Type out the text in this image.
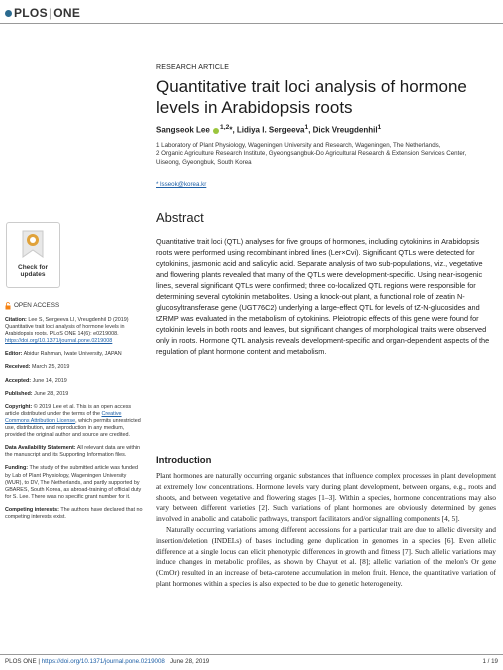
PLOS | ONE
RESEARCH ARTICLE
Quantitative trait loci analysis of hormone levels in Arabidopsis roots
Sangseok Lee $^{1,2}$*, Lidiya I. Sergeeva$^1$, Dick Vreugdenhil$^1$
1 Laboratory of Plant Physiology, Wageningen University and Research, Wageningen, The Netherlands,
2 Organic Agriculture Research Institute, Gyeongsangbuk-Do Agricultural Research & Extension Services Center, Uiseong, Gyeongbuk, South Korea
* lsseok@korea.kr
Abstract
Quantitative trait loci (QTL) analyses for five groups of hormones, including cytokinins in Arabidopsis roots were performed using recombinant inbred lines (Ler×Cvi). Significant QTLs were detected for cytokinins, jasmonic acid and salicylic acid. Separate analysis of two sub-populations, viz., vegetative and flowering plants revealed that many of the QTLs were development-specific. Using near-isogenic lines, several significant QTLs were confirmed; three co-localized QTL regions were responsible for determining several cytokinin metabolites. Using a knock-out plant, a functional role of zeatin N-glucosyltransferase gene (UGT76C2) underlying a large-effect QTL for levels of tZ-N-glucosides and tZRMP was evaluated in the metabolism of cytokinins. Pleiotropic effects of this gene were found for cytokinin levels in both roots and leaves, but significant changes of morphological traits were observed only in roots. Hormone QTL analysis reveals development-specific and organ-dependent aspects of the regulation of plant hormone content and metabolism.
Check for
updates
OPEN ACCESS

Citation: Lee S, Sergeeva LI, Vreugdenhil D (2019) Quantitative trait loci analysis of hormone levels in Arabidopsis roots. PLoS ONE 14(6): e0219008. https://doi.org/10.1371/journal.pone.0219008

Editor: Abidur Rahman, Iwate University, JAPAN

Received: March 25, 2019

Accepted: June 14, 2019

Published: June 28, 2019

Copyright: © 2019 Lee et al. This is an open access article distributed under the terms of the Creative Commons Attribution License, which permits unrestricted use, distribution, and reproduction in any medium, provided the original author and source are credited.

Data Availability Statement: All relevant data are within the manuscript and its Supporting Information files.

Funding: The study of the submitted article was funded by Lab of Plant Physiology, Wageningen University (WUR), to DV, The Netherlands, and partly supported by GBARES, South Korea, as abroad-training of official duty for S. Lee. There was no specific grant number for it.

Competing interests: The authors have declared that no competing interests exist.

Introduction

Plant hormones are naturally occurring organic substances that influence complex processes in plant development at extremely low concentrations. Hormone levels vary during plant development, between organs, e.g., roots and shoots, and between vegetative and flowering stages [1–3]. Within a species, hormone concentrations may also vary between different varieties [2]. Such variations of plant hormones are obviously determined by genes involved in anabolic and catabolic pathways, transport facilitators and/or signalling components [4, 5].

Naturally occurring variations among different accessions for a particular trait are due to allelic diversity and insertion/deletion (INDELs) of bases including gene duplication in genomes in a species [6]. Even allelic difference at a single locus can elicit phenotypic differences in growth and fitness [7]. Such allelic variations may induce changes in metabolic profiles, as shown by Chayut et al. [8]; allelic variation of the melon's Or gene (CmOr) resulted in an increase of beta-carotene accumulation in melon fruit. Hence, the quantitative variation of plant hormones within a species is also expected to be due to genetic heterogeneity.

PLOS ONE | https://doi.org/10.1371/journal.pone.0219008 June 28, 2019	1 / 19
